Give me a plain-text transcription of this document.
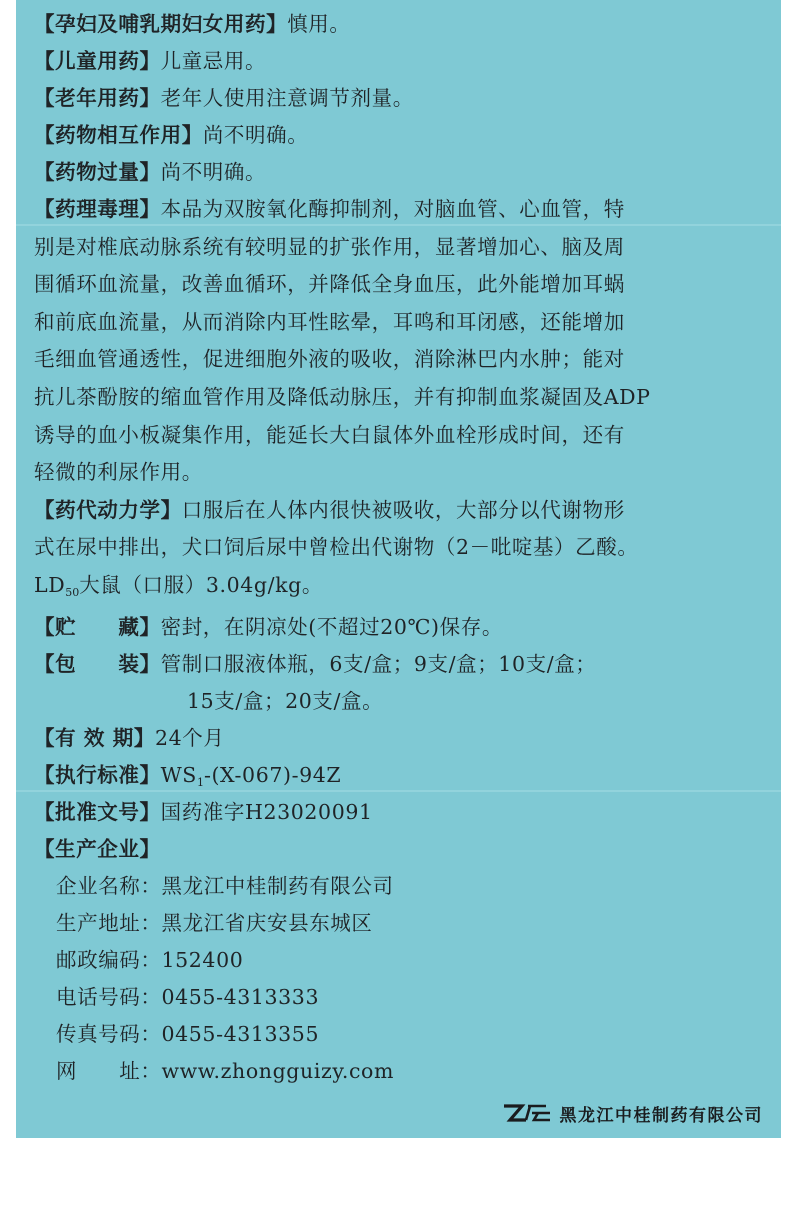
【孕妇及哺乳期妇女用药】慎用。
【儿童用药】儿童忌用。
【老年用药】老年人使用注意调节剂量。
【药物相互作用】尚不明确。
【药物过量】尚不明确。
【药理毒理】本品为双胺氧化酶抑制剂，对脑血管、心血管，特
别是对椎底动脉系统有较明显的扩张作用，显著增加心、脑及周
围循环血流量，改善血循环，并降低全身血压，此外能增加耳蜗
和前底血流量，从而消除内耳性眩晕，耳鸣和耳闭感，还能增加
毛细血管通透性，促进细胞外液的吸收，消除淋巴内水肿；能对
抗儿茶酚胺的缩血管作用及降低动脉压，并有抑制血浆凝固及ADP
诱导的血小板凝集作用，能延长大白鼠体外血栓形成时间，还有
轻微的利尿作用。
【药代动力学】口服后在人体内很快被吸收，大部分以代谢物形
式在尿中排出，犬口饲后尿中曾检出代谢物（2－吡啶基）乙酸。
$LD_{50}$大鼠（口服）3.04g/kg。
【贮　　藏】密封，在阴凉处(不超过20℃)保存。
【包　　装】管制口服液体瓶，6支/盒；9支/盒；10支/盒；
15支/盒；20支/盒。
【有 效 期】24个月
【执行标准】$WS_1-(X-067)-94Z$
【批准文号】国药准字H23020091
【生产企业】
企业名称：黑龙江中桂制药有限公司
生产地址：黑龙江省庆安县东城区
邮政编码：152400
电话号码：0455-4313333
传真号码：0455-4313355
网　　址：www.zhongguizy.com
黑龙江中桂制药有限公司
